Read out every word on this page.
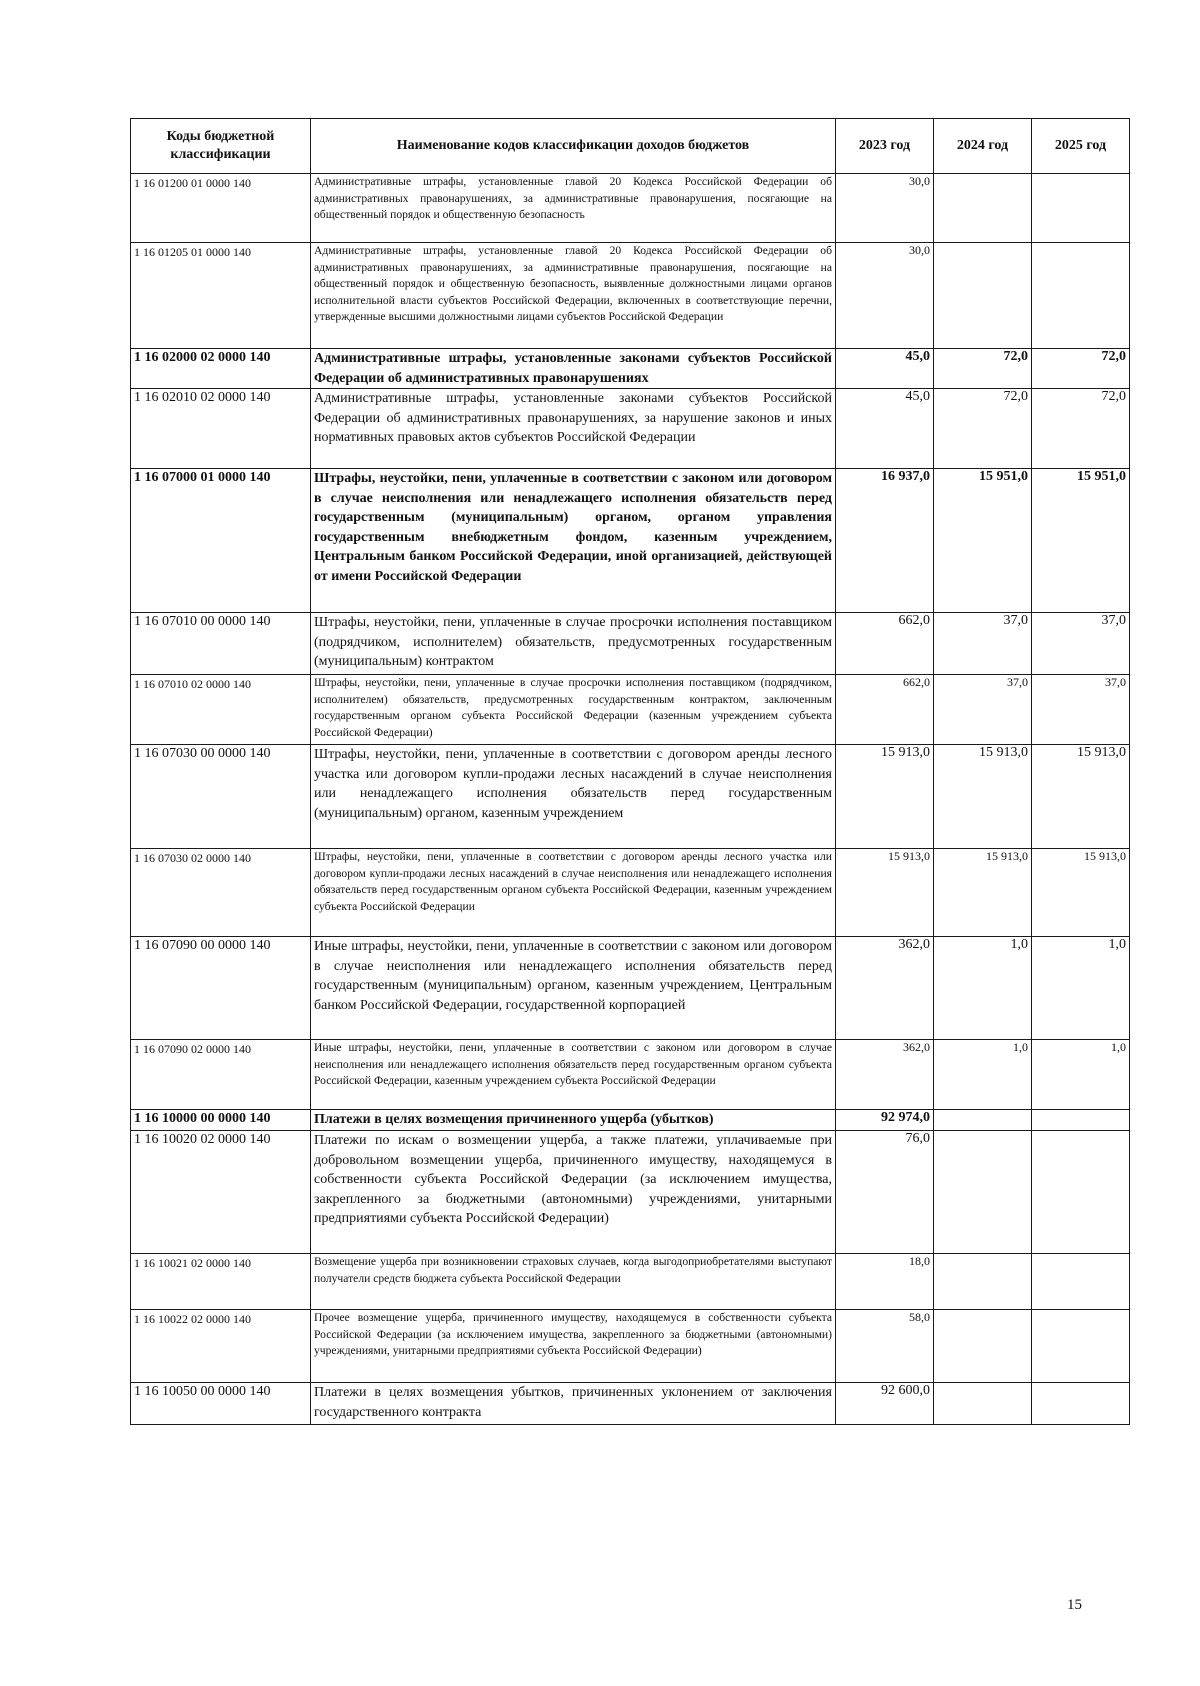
Коды бюджетной классификации	Наименование кодов классификации доходов бюджетов	2023 год	2024 год	2025 год
1 16 01200 01 0000 140	Административные штрафы, установленные главой 20 Кодекса Российской Федерации об административных правонарушениях, за административные правонарушения, посягающие на общественный порядок и общественную безопасность	30,0		
1 16 01205 01 0000 140	Административные штрафы, установленные главой 20 Кодекса Российской Федерации об административных правонарушениях, за административные правонарушения, посягающие на общественный порядок и общественную безопасность, выявленные должностными лицами органов исполнительной власти субъектов Российской Федерации, включенных в соответствующие перечни, утвержденные высшими должностными лицами субъектов Российской Федерации	30,0		
1 16 02000 02 0000 140	Административные штрафы, установленные законами субъектов Российской Федерации об административных правонарушениях	45,0	72,0	72,0
1 16 02010 02 0000 140	Административные штрафы, установленные законами субъектов Российской Федерации об административных правонарушениях, за нарушение законов и иных нормативных правовых актов субъектов Российской Федерации	45,0	72,0	72,0
1 16 07000 01 0000 140	Штрафы, неустойки, пени, уплаченные в соответствии с законом или договором в случае неисполнения или ненадлежащего исполнения обязательств перед государственным (муниципальным) органом, органом управления государственным внебюджетным фондом, казенным учреждением, Центральным банком Российской Федерации, иной организацией, действующей от имени Российской Федерации	16 937,0	15 951,0	15 951,0
1 16 07010 00 0000 140	Штрафы, неустойки, пени, уплаченные в случае просрочки исполнения поставщиком (подрядчиком, исполнителем) обязательств, предусмотренных государственным (муниципальным) контрактом	662,0	37,0	37,0
1 16 07010 02 0000 140	Штрафы, неустойки, пени, уплаченные в случае просрочки исполнения поставщиком (подрядчиком, исполнителем) обязательств, предусмотренных государственным контрактом, заключенным государственным органом субъекта Российской Федерации (казенным учреждением субъекта Российской Федерации)	662,0	37,0	37,0
1 16 07030 00 0000 140	Штрафы, неустойки, пени, уплаченные в соответствии с договором аренды лесного участка или договором купли-продажи лесных насаждений в случае неисполнения или ненадлежащего исполнения обязательств перед государственным (муниципальным) органом, казенным учреждением	15 913,0	15 913,0	15 913,0
1 16 07030 02 0000 140	Штрафы, неустойки, пени, уплаченные в соответствии с договором аренды лесного участка или договором купли-продажи лесных насаждений в случае неисполнения или ненадлежащего исполнения обязательств перед государственным органом субъекта Российской Федерации, казенным учреждением субъекта Российской Федерации	15 913,0	15 913,0	15 913,0
1 16 07090 00 0000 140	Иные штрафы, неустойки, пени, уплаченные в соответствии с законом или договором в случае неисполнения или ненадлежащего исполнения обязательств перед государственным (муниципальным) органом, казенным учреждением, Центральным банком Российской Федерации, государственной корпорацией	362,0	1,0	1,0
1 16 07090 02 0000 140	Иные штрафы, неустойки, пени, уплаченные в соответствии с законом или договором в случае неисполнения или ненадлежащего исполнения обязательств перед государственным органом субъекта Российской Федерации, казенным учреждением субъекта Российской Федерации	362,0	1,0	1,0
1 16 10000 00 0000 140	Платежи в целях возмещения причиненного ущерба (убытков)	92 974,0		
1 16 10020 02 0000 140	Платежи по искам о возмещении ущерба, а также платежи, уплачиваемые при добровольном возмещении ущерба, причиненного имуществу, находящемуся в собственности субъекта Российской Федерации (за исключением имущества, закрепленного за бюджетными (автономными) учреждениями, унитарными предприятиями субъекта Российской Федерации)	76,0		
1 16 10021 02 0000 140	Возмещение ущерба при возникновении страховых случаев, когда выгодоприобретателями выступают получатели средств бюджета субъекта Российской Федерации	18,0		
1 16 10022 02 0000 140	Прочее возмещение ущерба, причиненного имуществу, находящемуся в собственности субъекта Российской Федерации (за исключением имущества, закрепленного за бюджетными (автономными) учреждениями, унитарными предприятиями субъекта Российской Федерации)	58,0		
1 16 10050 00 0000 140	Платежи в целях возмещения убытков, причиненных уклонением от заключения государственного контракта	92 600,0		
15
